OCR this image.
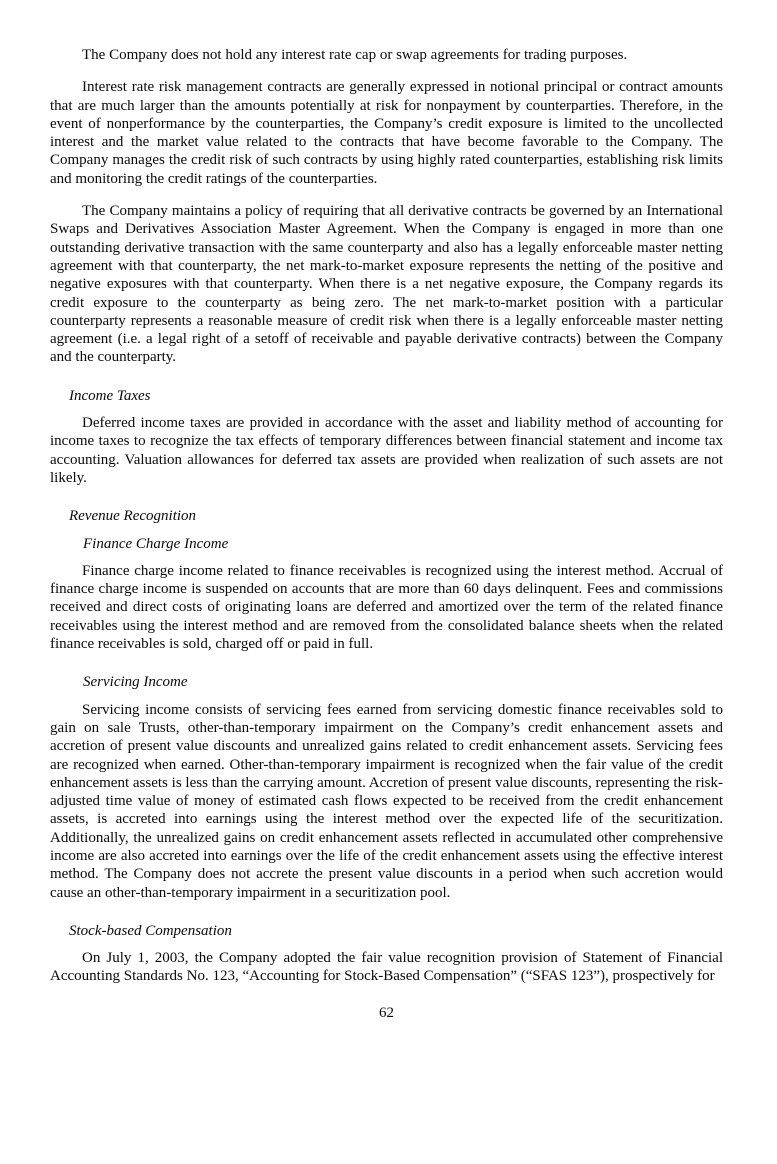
The Company does not hold any interest rate cap or swap agreements for trading purposes.

Interest rate risk management contracts are generally expressed in notional principal or contract amounts that are much larger than the amounts potentially at risk for nonpayment by counterparties. Therefore, in the event of nonperformance by the counterparties, the Company’s credit exposure is limited to the uncollected interest and the market value related to the contracts that have become favorable to the Company. The Company manages the credit risk of such contracts by using highly rated counterparties, establishing risk limits and monitoring the credit ratings of the counterparties.

The Company maintains a policy of requiring that all derivative contracts be governed by an International Swaps and Derivatives Association Master Agreement. When the Company is engaged in more than one outstanding derivative transaction with the same counterparty and also has a legally enforceable master netting agreement with that counterparty, the net mark-to-market exposure represents the netting of the positive and negative exposures with that counterparty. When there is a net negative exposure, the Company regards its credit exposure to the counterparty as being zero. The net mark-to-market position with a particular counterparty represents a reasonable measure of credit risk when there is a legally enforceable master netting agreement (i.e. a legal right of a setoff of receivable and payable derivative contracts) between the Company and the counterparty.

Income Taxes

Deferred income taxes are provided in accordance with the asset and liability method of accounting for income taxes to recognize the tax effects of temporary differences between financial statement and income tax accounting. Valuation allowances for deferred tax assets are provided when realization of such assets are not likely.

Revenue Recognition
Finance Charge Income

Finance charge income related to finance receivables is recognized using the interest method. Accrual of finance charge income is suspended on accounts that are more than 60 days delinquent. Fees and commissions received and direct costs of originating loans are deferred and amortized over the term of the related finance receivables using the interest method and are removed from the consolidated balance sheets when the related finance receivables is sold, charged off or paid in full.

Servicing Income

Servicing income consists of servicing fees earned from servicing domestic finance receivables sold to gain on sale Trusts, other-than-temporary impairment on the Company’s credit enhancement assets and accretion of present value discounts and unrealized gains related to credit enhancement assets. Servicing fees are recognized when earned. Other-than-temporary impairment is recognized when the fair value of the credit enhancement assets is less than the carrying amount. Accretion of present value discounts, representing the risk-adjusted time value of money of estimated cash flows expected to be received from the credit enhancement assets, is accreted into earnings using the interest method over the expected life of the securitization. Additionally, the unrealized gains on credit enhancement assets reflected in accumulated other comprehensive income are also accreted into earnings over the life of the credit enhancement assets using the effective interest method. The Company does not accrete the present value discounts in a period when such accretion would cause an other-than-temporary impairment in a securitization pool.

Stock-based Compensation

On July 1, 2003, the Company adopted the fair value recognition provision of Statement of Financial Accounting Standards No. 123, “Accounting for Stock-Based Compensation” (“SFAS 123”), prospectively for

62
